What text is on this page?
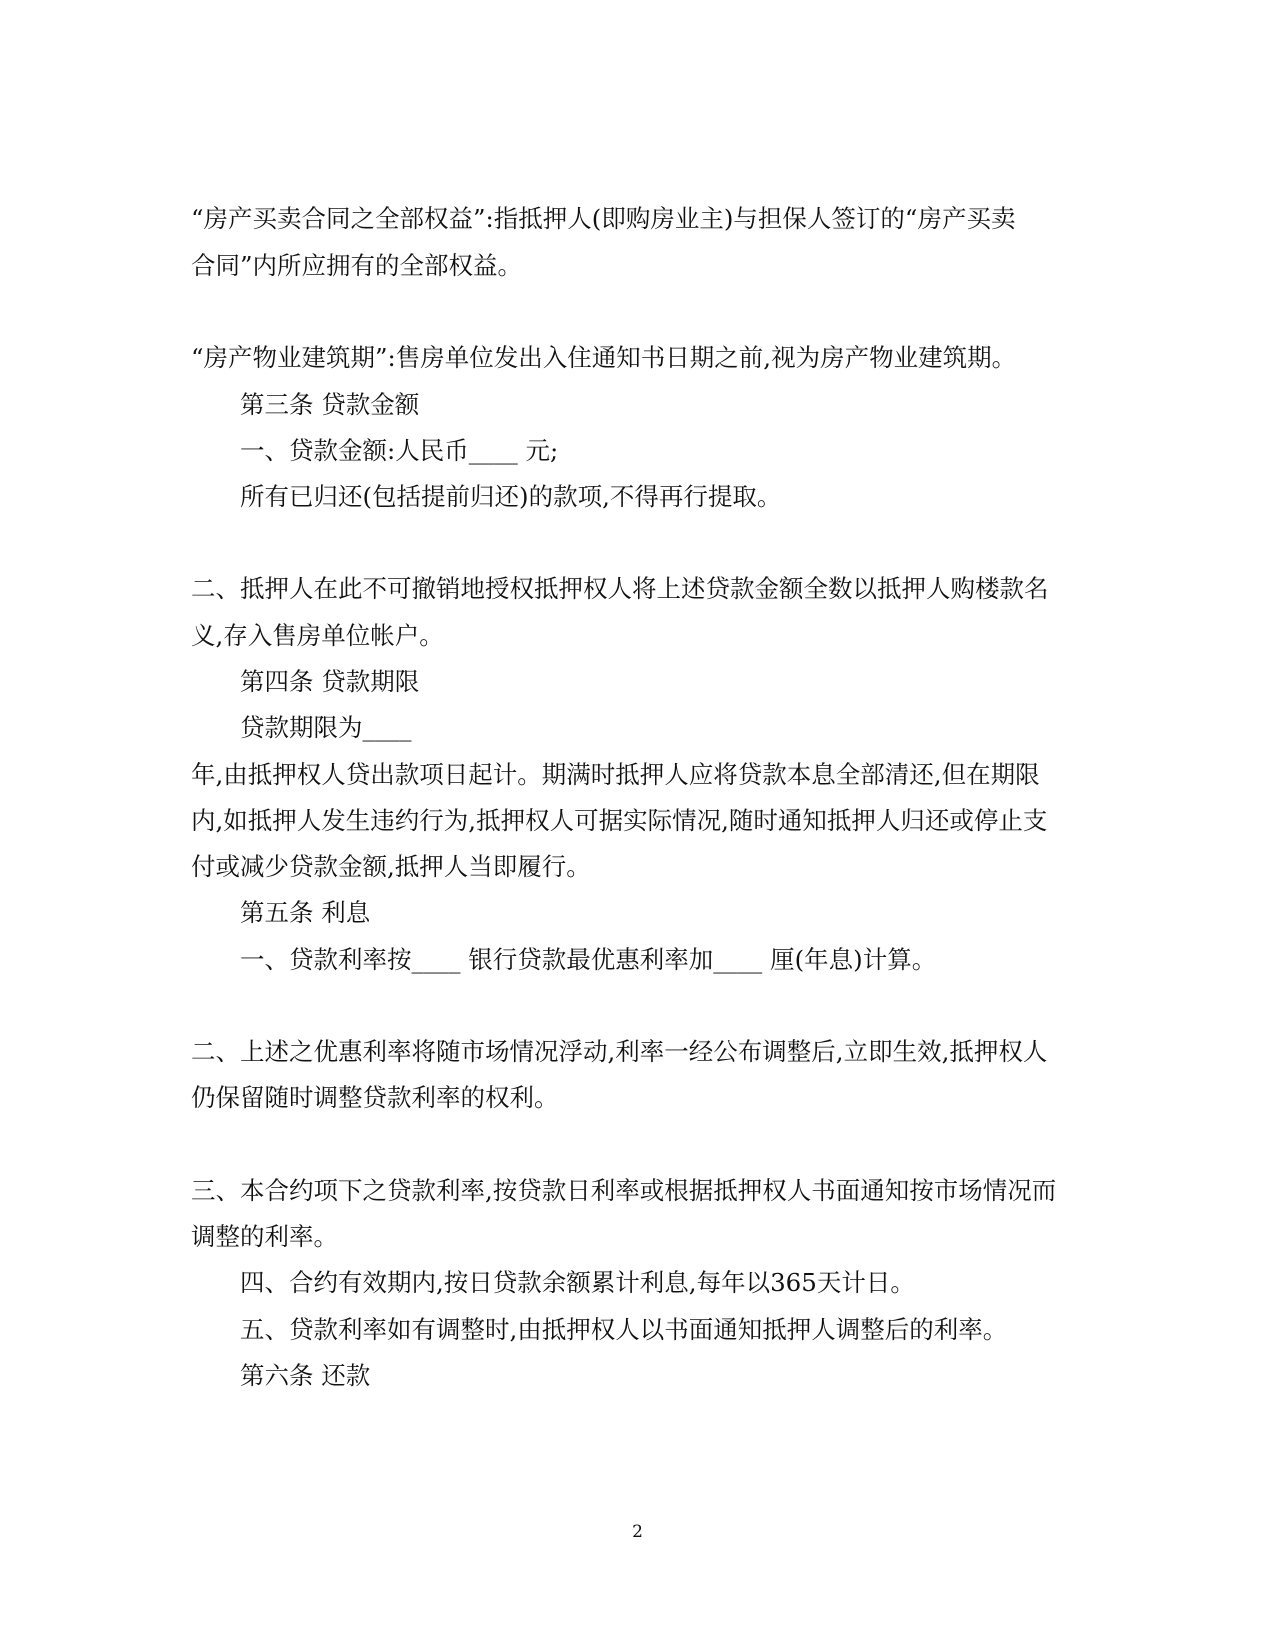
“房产买卖合同之全部权益”:指抵押人(即购房业主)与担保人签订的“房产买卖
合同”内所应拥有的全部权益。
“房产物业建筑期”:售房单位发出入住通知书日期之前,视为房产物业建筑期。
第三条 贷款金额
一、贷款金额:人民币____ 元;
所有已归还(包括提前归还)的款项,不得再行提取。
二、抵押人在此不可撤销地授权抵押权人将上述贷款金额全数以抵押人购楼款名
义,存入售房单位帐户。
第四条 贷款期限
贷款期限为____
年,由抵押权人贷出款项日起计。期满时抵押人应将贷款本息全部清还,但在期限
内,如抵押人发生违约行为,抵押权人可据实际情况,随时通知抵押人归还或停止支
付或减少贷款金额,抵押人当即履行。
第五条 利息
一、贷款利率按____ 银行贷款最优惠利率加____ 厘(年息)计算。
二、上述之优惠利率将随市场情况浮动,利率一经公布调整后,立即生效,抵押权人
仍保留随时调整贷款利率的权利。
三、本合约项下之贷款利率,按贷款日利率或根据抵押权人书面通知按市场情况而
调整的利率。
四、合约有效期内,按日贷款余额累计利息,每年以365天计日。
五、贷款利率如有调整时,由抵押权人以书面通知抵押人调整后的利率。
第六条 还款
2
